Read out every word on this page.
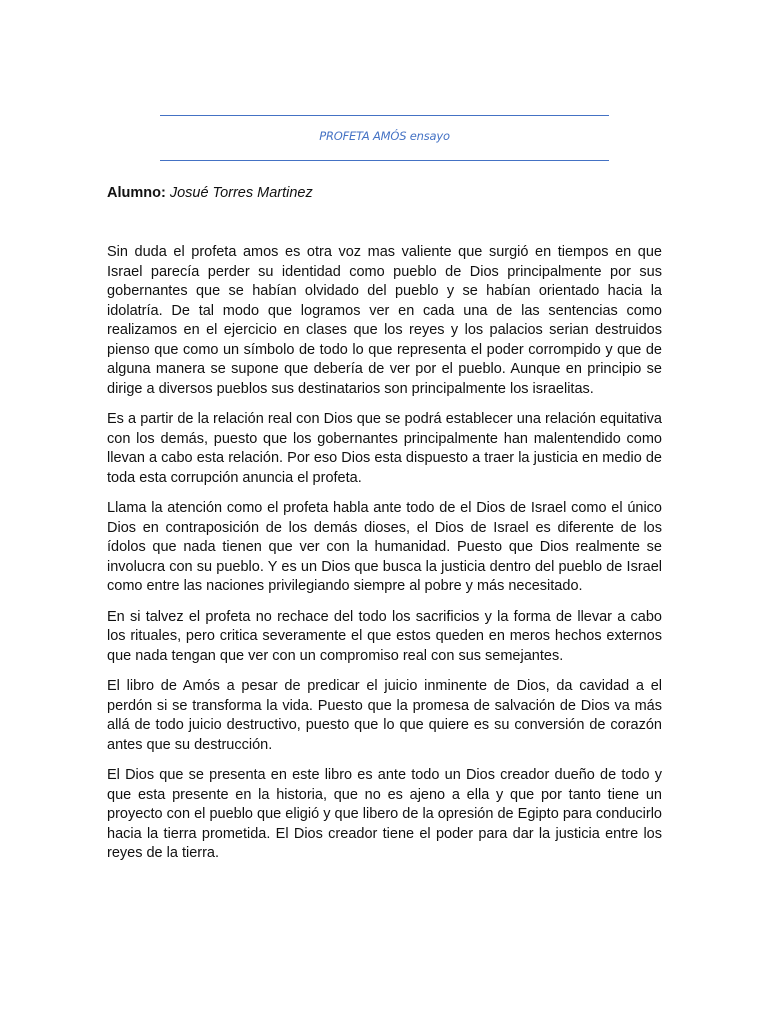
PROFETA AMÓS ensayo
Alumno: Josué Torres Martinez

Sin duda el profeta amos es otra voz mas valiente que surgió en tiempos en que Israel parecía perder su identidad como pueblo de Dios principalmente por sus gobernantes que se habían olvidado del pueblo y se habían orientado hacia la idolatría. De tal modo que logramos ver en cada una de las sentencias como realizamos en el ejercicio en clases que los reyes y los palacios serian destruidos pienso que como un símbolo de todo lo que representa el poder corrompido y que de alguna manera se supone que debería de ver por el pueblo. Aunque en principio se dirige a diversos pueblos sus destinatarios son principalmente los israelitas.

Es a partir de la relación real con Dios que se podrá establecer una relación equitativa con los demás, puesto que los gobernantes principalmente han malentendido como llevan a cabo esta relación. Por eso Dios esta dispuesto a traer la justicia en medio de toda esta corrupción anuncia el profeta.

Llama la atención como el profeta habla ante todo de el Dios de Israel como el único Dios en contraposición de los demás dioses, el Dios de Israel es diferente de los ídolos que nada tienen que ver con la humanidad. Puesto que Dios realmente se involucra con su pueblo. Y es un Dios que busca la justicia dentro del pueblo de Israel como entre las naciones privilegiando siempre al pobre y más necesitado.

En si talvez el profeta no rechace del todo los sacrificios y la forma de llevar a cabo los rituales, pero critica severamente el que estos queden en meros hechos externos que nada tengan que ver con un compromiso real con sus semejantes.

El libro de Amós a pesar de predicar el juicio inminente de Dios, da cavidad a el perdón si se transforma la vida. Puesto que la promesa de salvación de Dios va más allá de todo juicio destructivo, puesto que lo que quiere es su conversión de corazón antes que su destrucción.

El Dios que se presenta en este libro es ante todo un Dios creador dueño de todo y que esta presente en la historia, que no es ajeno a ella y que por tanto tiene un proyecto con el pueblo que eligió y que libero de la opresión de Egipto para conducirlo hacia la tierra prometida. El Dios creador tiene el poder para dar la justicia entre los reyes de la tierra.
